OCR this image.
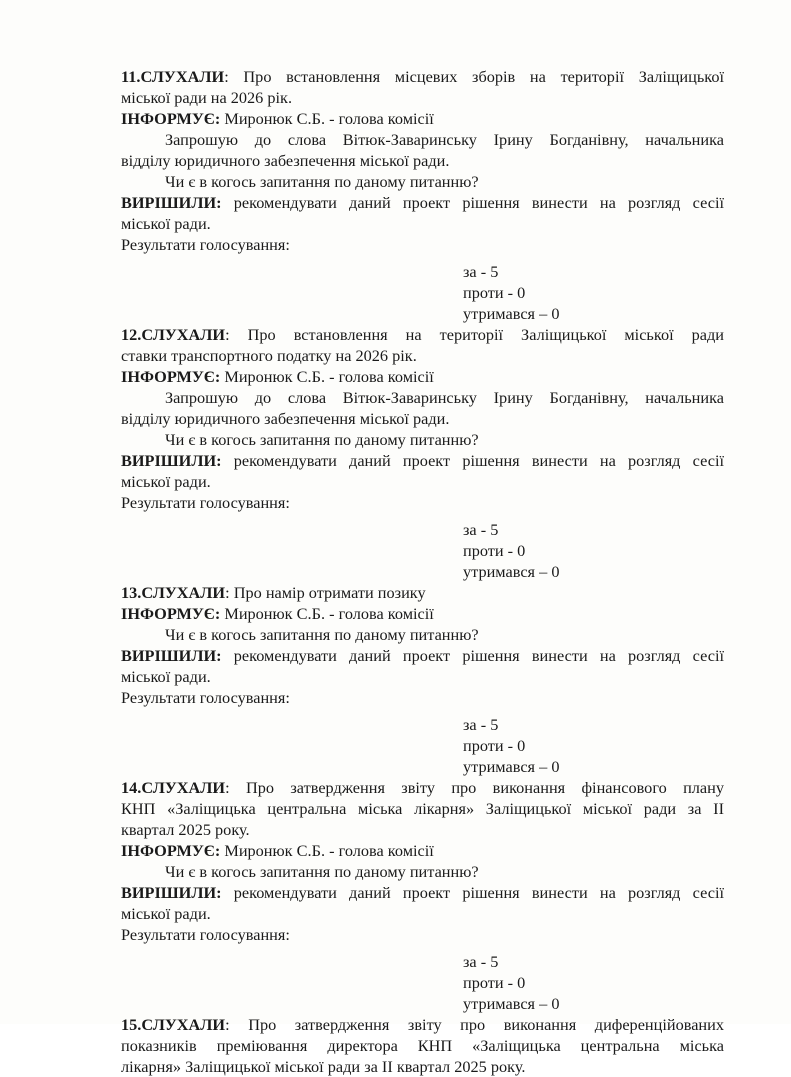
11.СЛУХАЛИ: Про встановлення місцевих зборів на території Заліщицької
міської ради на 2026 рік.
ІНФОРМУЄ: Миронюк С.Б. - голова комісії
Запрошую до слова Вітюк-Заваринську Ірину Богданівну, начальника
відділу юридичного забезпечення міської ради.
Чи є в когось запитання по даному питанню?
ВИРІШИЛИ: рекомендувати даний проект рішення винести на розгляд сесії
міської ради.
Результати голосування:
за - 5
проти - 0
утримався – 0
12.СЛУХАЛИ: Про встановлення на території Заліщицької міської ради
ставки транспортного податку на 2026 рік.
ІНФОРМУЄ: Миронюк С.Б. - голова комісії
Запрошую до слова Вітюк-Заваринську Ірину Богданівну, начальника
відділу юридичного забезпечення міської ради.
Чи є в когось запитання по даному питанню?
ВИРІШИЛИ: рекомендувати даний проект рішення винести на розгляд сесії
міської ради.
Результати голосування:
за - 5
проти - 0
утримався – 0
13.СЛУХАЛИ: Про намір отримати позику
ІНФОРМУЄ: Миронюк С.Б. - голова комісії
Чи є в когось запитання по даному питанню?
ВИРІШИЛИ: рекомендувати даний проект рішення винести на розгляд сесії
міської ради.
Результати голосування:
за - 5
проти - 0
утримався – 0
14.СЛУХАЛИ: Про затвердження звіту про виконання фінансового плану
КНП «Заліщицька центральна міська лікарня» Заліщицької міської ради за II
квартал 2025 року.
ІНФОРМУЄ: Миронюк С.Б. - голова комісії
Чи є в когось запитання по даному питанню?
ВИРІШИЛИ: рекомендувати даний проект рішення винести на розгляд сесії
міської ради.
Результати голосування:
за - 5
проти - 0
утримався – 0
15.СЛУХАЛИ: Про затвердження звіту про виконання диференційованих
показників преміювання директора КНП «Заліщицька центральна міська
лікарня» Заліщицької міської ради за II квартал 2025 року.
